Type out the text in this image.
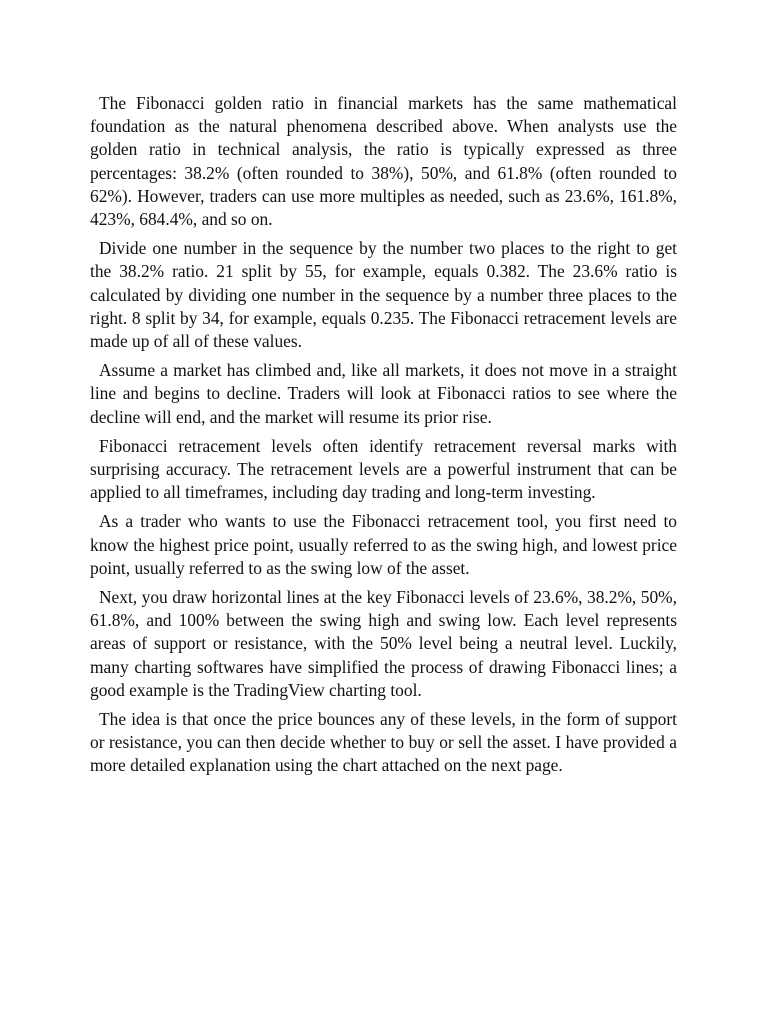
The Fibonacci golden ratio in financial markets has the same mathematical foundation as the natural phenomena described above. When analysts use the golden ratio in technical analysis, the ratio is typically expressed as three percentages: 38.2% (often rounded to 38%), 50%, and 61.8% (often rounded to 62%). However, traders can use more multiples as needed, such as 23.6%, 161.8%, 423%, 684.4%, and so on.

Divide one number in the sequence by the number two places to the right to get the 38.2% ratio. 21 split by 55, for example, equals 0.382. The 23.6% ratio is calculated by dividing one number in the sequence by a number three places to the right. 8 split by 34, for example, equals 0.235. The Fibonacci retracement levels are made up of all of these values.

Assume a market has climbed and, like all markets, it does not move in a straight line and begins to decline. Traders will look at Fibonacci ratios to see where the decline will end, and the market will resume its prior rise.

Fibonacci retracement levels often identify retracement reversal marks with surprising accuracy. The retracement levels are a powerful instrument that can be applied to all timeframes, including day trading and long-term investing.

As a trader who wants to use the Fibonacci retracement tool, you first need to know the highest price point, usually referred to as the swing high, and lowest price point, usually referred to as the swing low of the asset.

Next, you draw horizontal lines at the key Fibonacci levels of 23.6%, 38.2%, 50%, 61.8%, and 100% between the swing high and swing low. Each level represents areas of support or resistance, with the 50% level being a neutral level. Luckily, many charting softwares have simplified the process of drawing Fibonacci lines; a good example is the TradingView charting tool.

The idea is that once the price bounces any of these levels, in the form of support or resistance, you can then decide whether to buy or sell the asset. I have provided a more detailed explanation using the chart attached on the next page.
